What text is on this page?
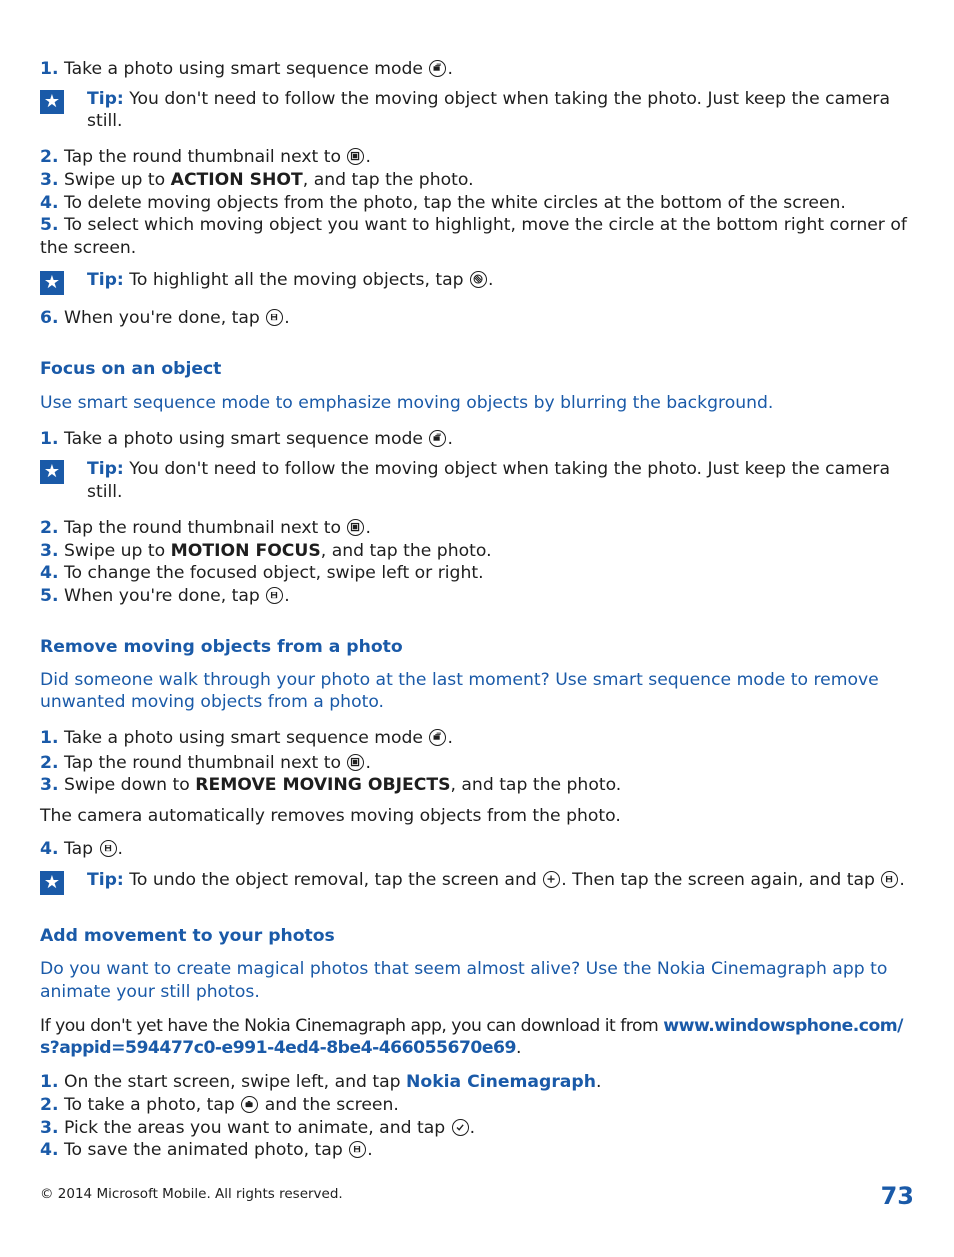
1. Take a photo using smart sequence mode
.

★ Tip: You don't need to follow the moving object when taking the photo. Just keep the camera still.

2. Tap the round thumbnail next to
.

3. Swipe up to ACTION SHOT, and tap the photo.

4. To delete moving objects from the photo, tap the white circles at the bottom of the screen.

5. To select which moving object you want to highlight, move the circle at the bottom right corner of the screen.

★ Tip: To highlight all the moving objects, tap
.

6. When you're done, tap
.

Focus on an object

Use smart sequence mode to emphasize moving objects by blurring the background.

1. Take a photo using smart sequence mode
.

★ Tip: You don't need to follow the moving object when taking the photo. Just keep the camera still.

2. Tap the round thumbnail next to
.

3. Swipe up to MOTION FOCUS, and tap the photo.

4. To change the focused object, swipe left or right.

5. When you're done, tap
.

Remove moving objects from a photo

Did someone walk through your photo at the last moment? Use smart sequence mode to remove unwanted moving objects from a photo.

1. Take a photo using smart sequence mode
.

2. Tap the round thumbnail next to
.

3. Swipe down to REMOVE MOVING OBJECTS, and tap the photo.

The camera automatically removes moving objects from the photo.

4. Tap
.

★ Tip: To undo the object removal, tap the screen and
. Then tap the screen again, and tap
.

Add movement to your photos

Do you want to create magical photos that seem almost alive? Use the Nokia Cinemagraph app to animate your still photos.

If you don't yet have the Nokia Cinemagraph app, you can download it from www.windowsphone.com/
s?appid=594477c0-e991-4ed4-8be4-466055670e69.

1. On the start screen, swipe left, and tap Nokia Cinemagraph.

2. To take a photo, tap
and the screen.

3. Pick the areas you want to animate, and tap
.

4. To save the animated photo, tap
.

© 2014 Microsoft Mobile. All rights reserved.	73
